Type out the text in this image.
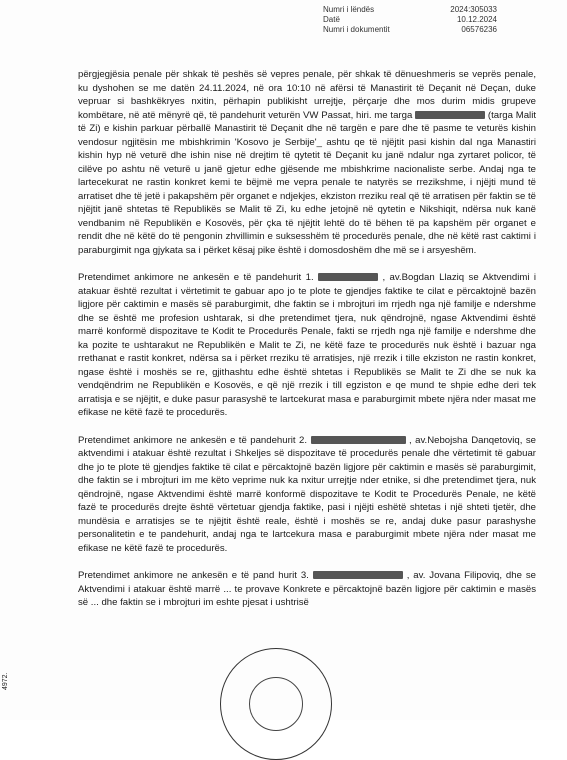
Numri i lëndës	2024:305033
Datë	10.12.2024
Numri i dokumentit	06576236

përgjegjësia penale për shkak të peshës së vepres penale, për shkak të dënueshmeris se veprës penale, ku dyshohen se me datën 24.11.2024, në ora 10:10 në afërsi të Manastirit të Deçanit në Deçan, duke vepruar si bashkëkryes nxitin, përhapin publikisht urrejtje, përçarje dhe mos durim midis grupeve kombëtare, në atë mënyrë që, të pandehurit veturën VW Passat, hiri. me targa	(targa Malit të Zi) e kishin parkuar përballë Manastirit të Deçanit dhe në targën e pare dhe të pasme te veturës kishin vendosur ngjitësin me mbishkrimin 'Kosovo je Serbije'_ ashtu qe të njëjtit pasi kishin dal nga Manastiri kishin hyp në veturë dhe ishin nise në drejtim të qytetit të Deçanit ku janë ndalur nga zyrtaret policor, të cilëve po ashtu në veturë u janë gjetur edhe gjësende me mbishkrime nacionaliste serbe. Andaj nga te lartecekurat ne rastin konkret kemi te bëjmë me vepra penale te natyrës se rrezikshme, i njëjti mund të arratiset dhe të jetë i pakapshëm për organet e ndjekjes, ekziston rreziku real që të arratisen për faktin se të njëjtit janë shtetas të Republikës se Malit të Zi, ku edhe jetojnë në qytetin e Nikshiqit, ndërsa nuk kanë vendbanim në Republikën e Kosovës, për çka të njëjtit lehtë do të bëhen të pa kapshëm për organet e rendit dhe në këtë do të pengonin zhvillimin e suksesshëm të procedurës penale, dhe në këtë rast caktimi i paraburgimit nga gjykata sa i përket kësaj pike është i domosdoshëm dhe më se i arsyeshëm.

Pretendimet ankimore ne ankesën e të pandehurit 1.	, av.Bogdan Llaziq se Aktvendimi i atakuar është rezultat i vërtetimit te gabuar apo jo te plote te gjendjes faktike te cilat e përcaktojnë bazën ligjore për caktimin e masës së paraburgimit, dhe faktin se i mbrojturi im rrjedh nga një familje e ndershme dhe se është me profesion ushtarak, si dhe pretendimet tjera, nuk qëndrojnë, ngase Aktvendimi është marrë konformë dispozitave te Kodit te Procedurës Penale, fakti se rrjedh nga një familje e ndershme dhe ka pozite te ushtarakut ne Republikën e Malit te Zi, ne këtë faze te procedurës nuk është i bazuar nga rrethanat e rastit konkret, ndërsa sa i përket rreziku të arratisjes, një rrezik i tille ekziston ne rastin konkret, ngase është i moshës se re, gjithashtu edhe është shtetas i Republikës se Malit te Zi dhe se nuk ka vendqëndrim ne Republikën e Kosovës, e që një rrezik i till egziston e qe mund te shpie edhe deri tek arratisja e se njëjtit, e duke pasur parasyshë te lartcekurat masa e paraburgimit mbete njëra nder masat me efikase ne këtë fazë te procedurës.

Pretendimet ankimore ne ankesën e të pandehurit 2.	, av.Nebojsha Danqetoviq, se aktvendimi i atakuar është rezultat i Shkeljes së dispozitave të procedurës penale dhe vërtetimit të gabuar dhe jo te plote të gjendjes faktike të cilat e përcaktojnë bazën ligjore për caktimin e masës së paraburgimit, dhe faktin se i mbrojturi im me këto veprime nuk ka nxitur urrejtje nder etnike, si dhe pretendimet tjera, nuk qëndrojnë, ngase Aktvendimi është marrë konformë dispozitave te Kodit te Procedurës Penale, ne këtë fazë te procedurës drejte është vërtetuar gjendja faktike, pasi i njëjti eshëtë shtetas i një shteti tjetër, dhe mundësia e arratisjes se te njëjtit është reale, është i moshës se re, andaj duke pasur parashyshe personalitetin e te pandehurit, andaj nga te lartcekura masa e paraburgimit mbete njëra nder masat me efikase ne këtë fazë te procedurës.

Pretendimet ankimore ne ankesën e të pand hurit 3.	, av. Jovana Filipoviq, dhe se Aktvendimi i atakuar është marrë ... te provave Konkrete e përcaktojnë bazën ligjore për caktimin e masës së ... dhe faktin se i mbrojturi im eshte pjesat i ushtrisë

4972.
